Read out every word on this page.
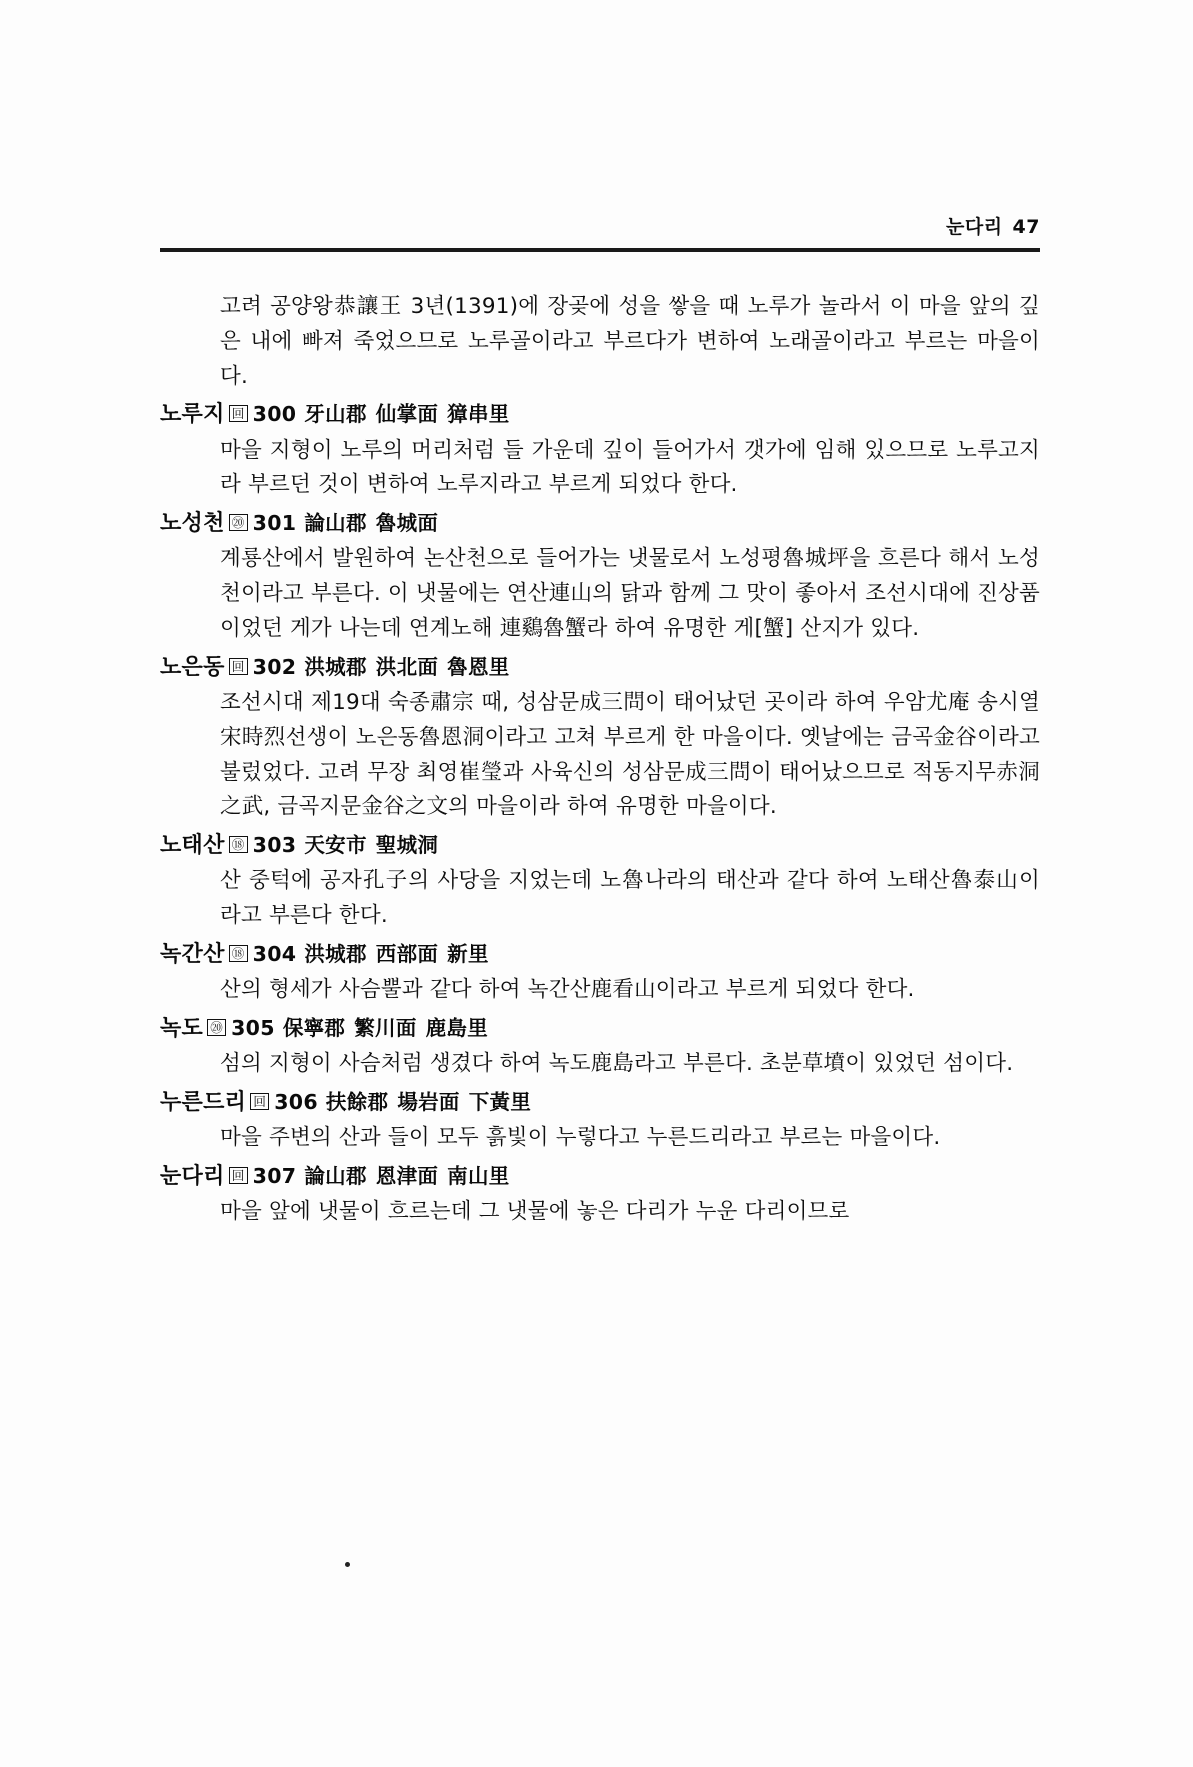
눈다리 47
고려 공양왕恭讓王 3년(1391)에 장곶에 성을 쌓을 때 노루가 놀라서 이 마을 앞의 깊은 내에 빠져 죽었으므로 노루골이라고 부르다가 변하여 노래골이라고 부르는 마을이다.
노루지 回 300 牙山郡 仙掌面 獐串里
마을 지형이 노루의 머리처럼 들 가운데 깊이 들어가서 갯가에 임해 있으므로 노루고지라 부르던 것이 변하여 노루지라고 부르게 되었다 한다.
노성천 ⑳ 301 論山郡 魯城面
계룡산에서 발원하여 논산천으로 들어가는 냇물로서 노성평魯城坪을 흐른다 해서 노성천이라고 부른다. 이 냇물에는 연산連山의 닭과 함께 그 맛이 좋아서 조선시대에 진상품이었던 게가 나는데 연계노해 連鷄魯蟹라 하여 유명한 게[蟹] 산지가 있다.
노은동 回 302 洪城郡 洪北面 魯恩里
조선시대 제19대 숙종肅宗 때, 성삼문成三問이 태어났던 곳이라 하여 우암尤庵 송시열宋時烈선생이 노은동魯恩洞이라고 고쳐 부르게 한 마을이다. 옛날에는 금곡金谷이라고 불렀었다. 고려 무장 최영崔瑩과 사육신의 성삼문成三問이 태어났으므로 적동지무赤洞之武, 금곡지문金谷之文의 마을이라 하여 유명한 마을이다.
노태산 ⑱ 303 天安市 聖城洞
산 중턱에 공자孔子의 사당을 지었는데 노魯나라의 태산과 같다 하여 노태산魯泰山이라고 부른다 한다.
녹간산 ⑱ 304 洪城郡 西部面 新里
산의 형세가 사슴뿔과 같다 하여 녹간산鹿看山이라고 부르게 되었다 한다.
녹도 ⑳ 305 保寧郡 繁川面 鹿島里
섬의 지형이 사슴처럼 생겼다 하여 녹도鹿島라고 부른다. 초분草墳이 있었던 섬이다.
누른드리 回 306 扶餘郡 場岩面 下黃里
마을 주변의 산과 들이 모두 흙빛이 누렇다고 누른드리라고 부르는 마을이다.
눈다리 回 307 論山郡 恩津面 南山里
마을 앞에 냇물이 흐르는데 그 냇물에 놓은 다리가 누운 다리이므로
